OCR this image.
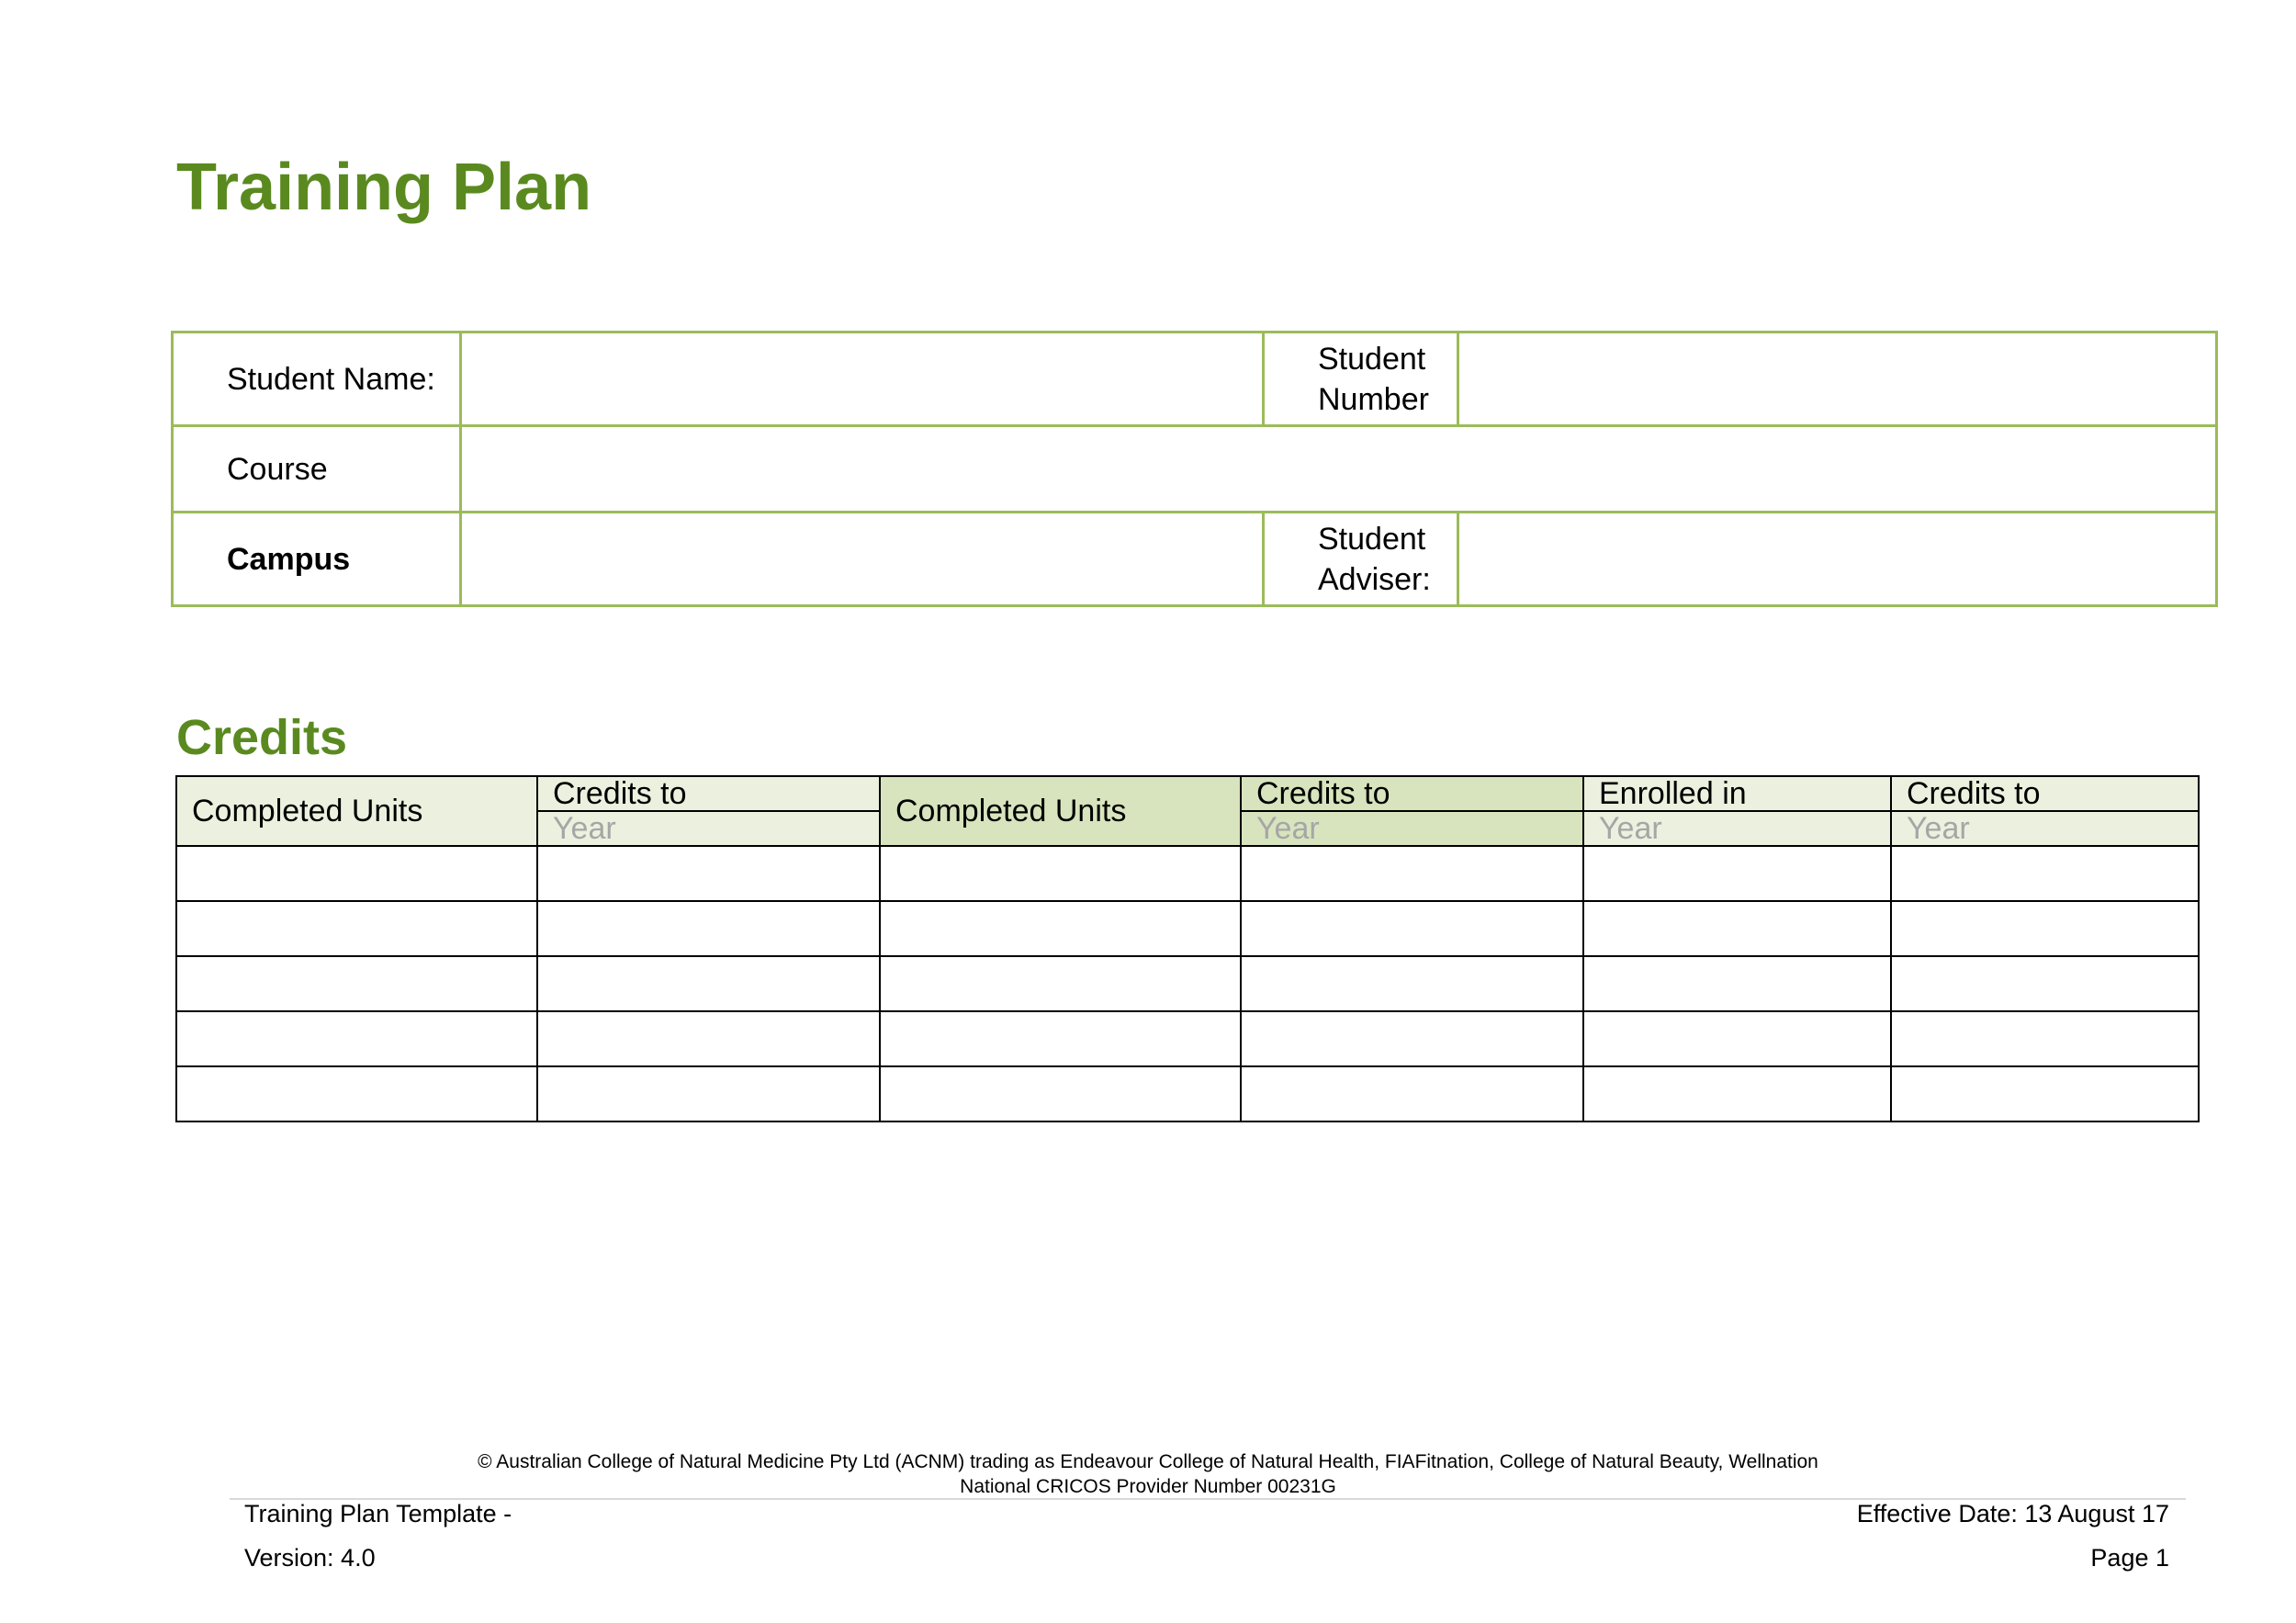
Training Plan
Student Name:		Student
Number	

Course			
Campus		Student
Adviser:	

Credits
Completed Units	Credits to	Completed Units	Credits to	Enrolled in	Credits to
	Year		Year	Year	Year

© Australian College of Natural Medicine Pty Ltd (ACNM) trading as Endeavour College of Natural Health, FIAFitnation, College of Natural Beauty, Wellnation
National CRICOS Provider Number 00231G
Training Plan Template -
Version: 4.0
Effective Date: 13 August 17
Page 1
